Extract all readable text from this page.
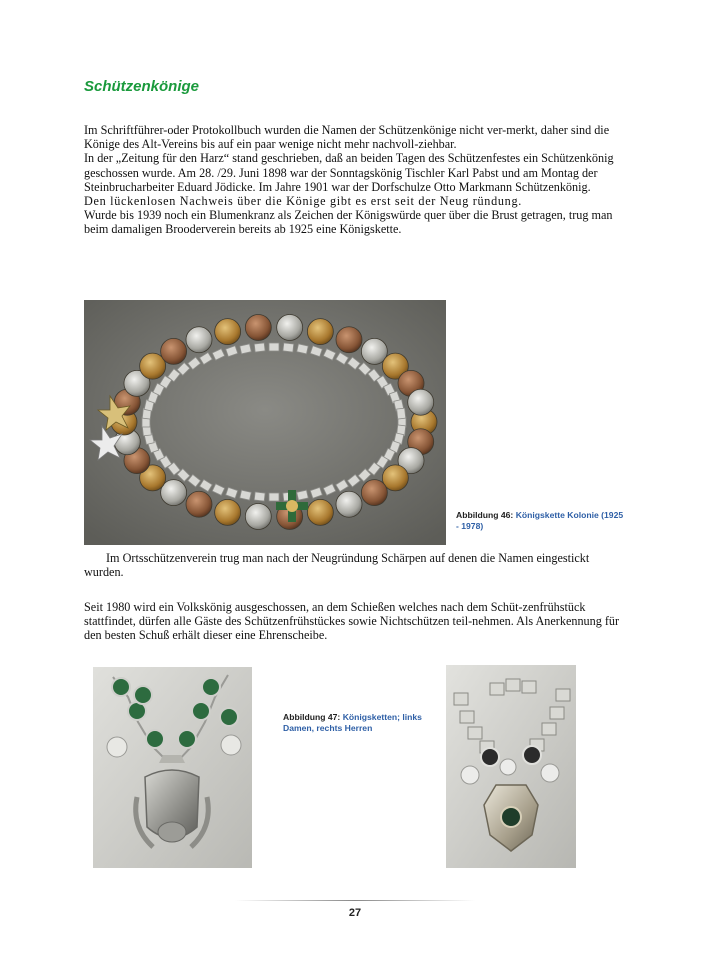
Schützenkönige

Im Schriftführer-oder Protokollbuch wurden die Namen der Schützenkönige nicht ver-merkt, daher sind die Könige des Alt-Vereins bis auf ein paar wenige nicht mehr nachvoll-ziehbar.

In der „Zeitung für den Harz“ stand geschrieben, daß an beiden Tagen des Schützenfestes ein Schützenkönig geschossen wurde. Am 28. /29. Juni 1898 war der Sonntagskönig Tischler Karl Pabst und am Montag der Steinbrucharbeiter Eduard Jödicke. Im Jahre 1901 war der Dorfschulze Otto Markmann Schützenkönig.

Den lückenlosen Nachweis über die Könige gibt es erst seit der Neug ründung.

Wurde bis 1939 noch ein Blumenkranz als Zeichen der Königswürde quer über die Brust getragen, trug man beim damaligen Brooderverein bereits ab 1925 eine Königskette.

Abbildung 46: Königskette Kolonie (1925 - 1978)
Im Ortsschützenverein trug man nach der Neugründung Schärpen auf denen die Namen eingestickt wurden.
Seit 1980 wird ein Volkskönig ausgeschossen, an dem Schießen welches nach dem Schüt-zenfrühstück stattfindet, dürfen alle Gäste des Schützenfrühstückes sowie Nichtschützen teil-nehmen. Als Anerkennung für den besten Schuß erhält dieser eine Ehrenscheibe.
Abbildung 47: Königsketten; links Damen, rechts Herren
27
